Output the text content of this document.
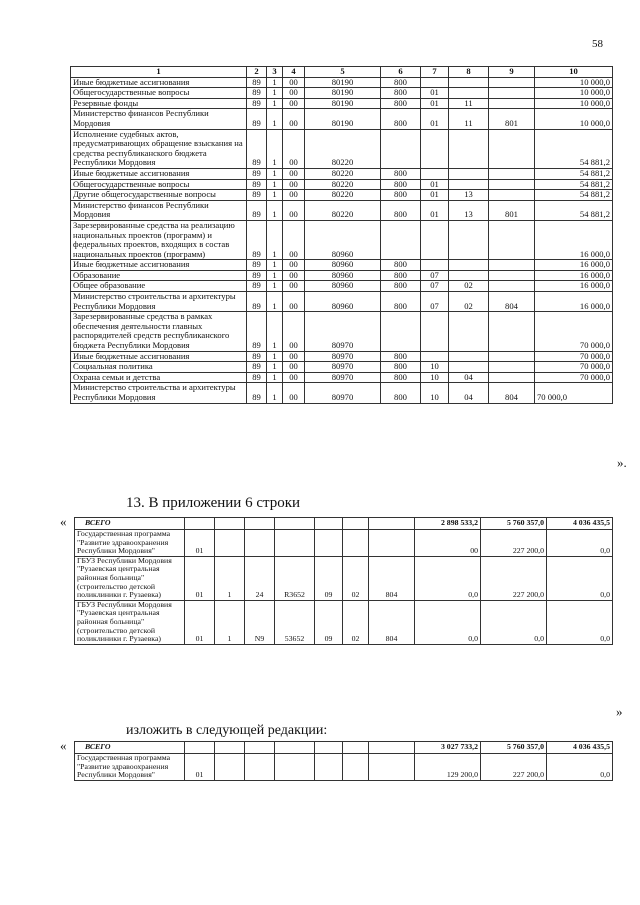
58
1	2	3	4	5	6	7	8	9	10
Иные бюджетные ассигнования	89	1	00	80190	800				10 000,0
Общегосударственные вопросы	89	1	00	80190	800	01			10 000,0
Резервные фонды	89	1	00	80190	800	01	11		10 000,0
Министерство финансов Республики Мордовия	89	1	00	80190	800	01	11	801	10 000,0
Исполнение судебных актов, предусматривающих обращение взыскания на средства республиканского бюджета Республики Мордовия	89	1	00	80220					54 881,2
Иные бюджетные ассигнования	89	1	00	80220	800				54 881,2
Общегосударственные вопросы	89	1	00	80220	800	01			54 881,2
Другие общегосударственные вопросы	89	1	00	80220	800	01	13		54 881,2
Министерство финансов Республики Мордовия	89	1	00	80220	800	01	13	801	54 881,2
Зарезервированные средства на реализацию национальных проектов (программ) и федеральных проектов, входящих в состав национальных проектов (программ)	89	1	00	80960					16 000,0
Иные бюджетные ассигнования	89	1	00	80960	800				16 000,0
Образование	89	1	00	80960	800	07			16 000,0
Общее образование	89	1	00	80960	800	07	02		16 000,0
Министерство строительства и архитектуры Республики Мордовия	89	1	00	80960	800	07	02	804	16 000,0
Зарезервированные средства в рамках обеспечения деятельности главных распорядителей средств республиканского бюджета Республики Мордовия	89	1	00	80970					70 000,0
Иные бюджетные ассигнования	89	1	00	80970	800				70 000,0
Социальная политика	89	1	00	80970	800	10			70 000,0
Охрана семьи и детства	89	1	00	80970	800	10	04		70 000,0
Министерство строительства и архитектуры Республики Мордовия	89	1	00	80970	800	10	04	804	70 000,0
».
13. В приложении 6 строки
« ВСЕГО								2 898 533,2	5 760 357,0	4 036 435,5
Государственная программа "Развитие здравоохранения Республики Мордовия"	01							00	227 200,0	0,0
ГБУЗ Республики Мордовия "Рузаевская центральная районная больница" (строительство детской поликлиники г. Рузаевка)	01	1	24	R3652	09	02	804	0,0	227 200,0	0,0
ГБУЗ Республики Мордовия "Рузаевская центральная районная больница" (строительство детской поликлиники г. Рузаевка)	01	1	N9	53652	09	02	804	0,0	0,0	0,0
»
изложить в следующей редакции:
« ВСЕГО								3 027 733,2	5 760 357,0	4 036 435,5
Государственная программа "Развитие здравоохранения Республики Мордовия"	01							129 200,0	227 200,0	0,0
